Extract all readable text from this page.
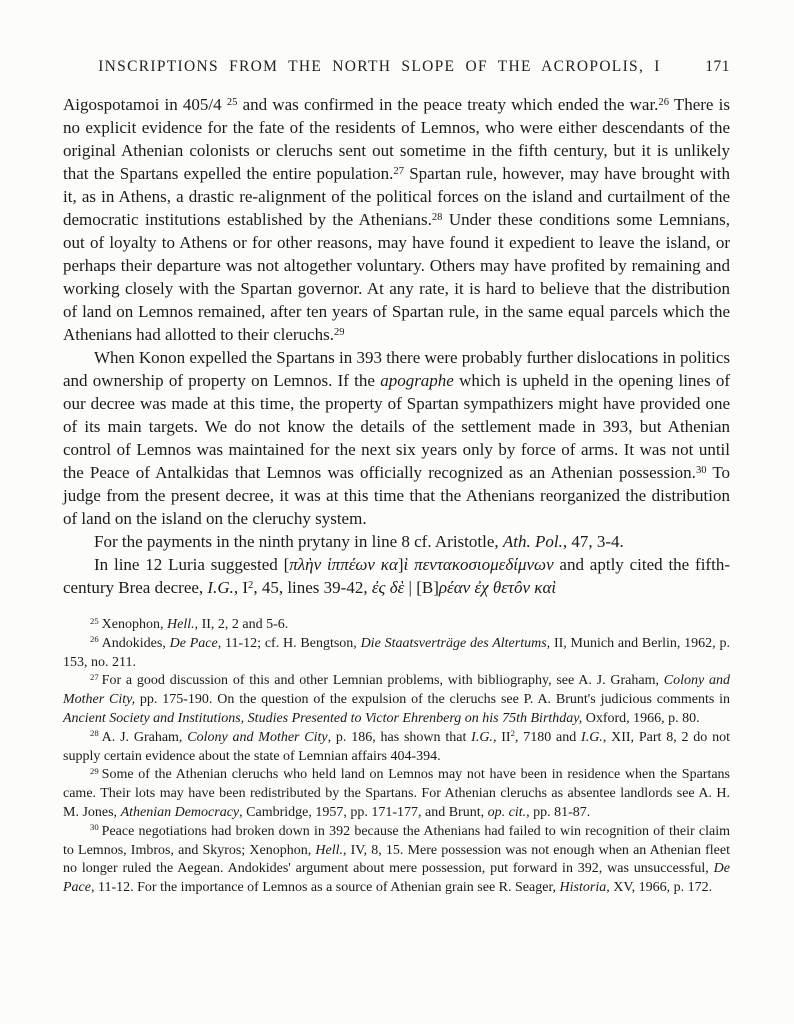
INSCRIPTIONS FROM THE NORTH SLOPE OF THE ACROPOLIS, I	171

Aigospotamoi in 405/4 $^{25}$ and was confirmed in the peace treaty which ended the war.$^{26}$ There is no explicit evidence for the fate of the residents of Lemnos, who were either descendants of the original Athenian colonists or cleruchs sent out sometime in the fifth century, but it is unlikely that the Spartans expelled the entire population.$^{27}$ Spartan rule, however, may have brought with it, as in Athens, a drastic re-alignment of the political forces on the island and curtailment of the democratic institutions established by the Athenians.$^{28}$ Under these conditions some Lemnians, out of loyalty to Athens or for other reasons, may have found it expedient to leave the island, or perhaps their departure was not altogether voluntary. Others may have profited by remaining and working closely with the Spartan governor. At any rate, it is hard to believe that the distribution of land on Lemnos remained, after ten years of Spartan rule, in the same equal parcels which the Athenians had allotted to their cleruchs.$^{29}$

When Konon expelled the Spartans in 393 there were probably further dislocations in politics and ownership of property on Lemnos. If the apographe which is upheld in the opening lines of our decree was made at this time, the property of Spartan sympathizers might have provided one of its main targets. We do not know the details of the settlement made in 393, but Athenian control of Lemnos was maintained for the next six years only by force of arms. It was not until the Peace of Antalkidas that Lemnos was officially recognized as an Athenian possession.$^{30}$ To judge from the present decree, it was at this time that the Athenians reorganized the distribution of land on the island on the cleruchy system.

For the payments in the ninth prytany in line 8 cf. Aristotle, Ath. Pol., 47, 3-4.

In line 12 Luria suggested [πλὴν ἱππέων κα]ὶ πεντακοσιομεδίμνων and aptly cited the fifth-century Brea decree, I.G., $I^2$, 45, lines 39-42, ἐς δὲ | [Β]ρέαν ἐχ θετôν καὶ

$^{25}$ Xenophon, Hell., II, 2, 2 and 5-6.

$^{26}$ Andokides, De Pace, 11-12; cf. H. Bengtson, Die Staatsverträge des Altertums, II, Munich and Berlin, 1962, p. 153, no. 211.

$^{27}$ For a good discussion of this and other Lemnian problems, with bibliography, see A. J. Graham, Colony and Mother City, pp. 175-190. On the question of the expulsion of the cleruchs see P. A. Brunt's judicious comments in Ancient Society and Institutions, Studies Presented to Victor Ehrenberg on his 75th Birthday, Oxford, 1966, p. 80.

$^{28}$ A. J. Graham, Colony and Mother City, p. 186, has shown that I.G., $II^2$, 7180 and I.G., XII, Part 8, 2 do not supply certain evidence about the state of Lemnian affairs 404-394.

$^{29}$ Some of the Athenian cleruchs who held land on Lemnos may not have been in residence when the Spartans came. Their lots may have been redistributed by the Spartans. For Athenian cleruchs as absentee landlords see A. H. M. Jones, Athenian Democracy, Cambridge, 1957, pp. 171-177, and Brunt, op. cit., pp. 81-87.

$^{30}$ Peace negotiations had broken down in 392 because the Athenians had failed to win recognition of their claim to Lemnos, Imbros, and Skyros; Xenophon, Hell., IV, 8, 15. Mere possession was not enough when an Athenian fleet no longer ruled the Aegean. Andokides' argument about mere possession, put forward in 392, was unsuccessful, De Pace, 11-12. For the importance of Lemnos as a source of Athenian grain see R. Seager, Historia, XV, 1966, p. 172.
